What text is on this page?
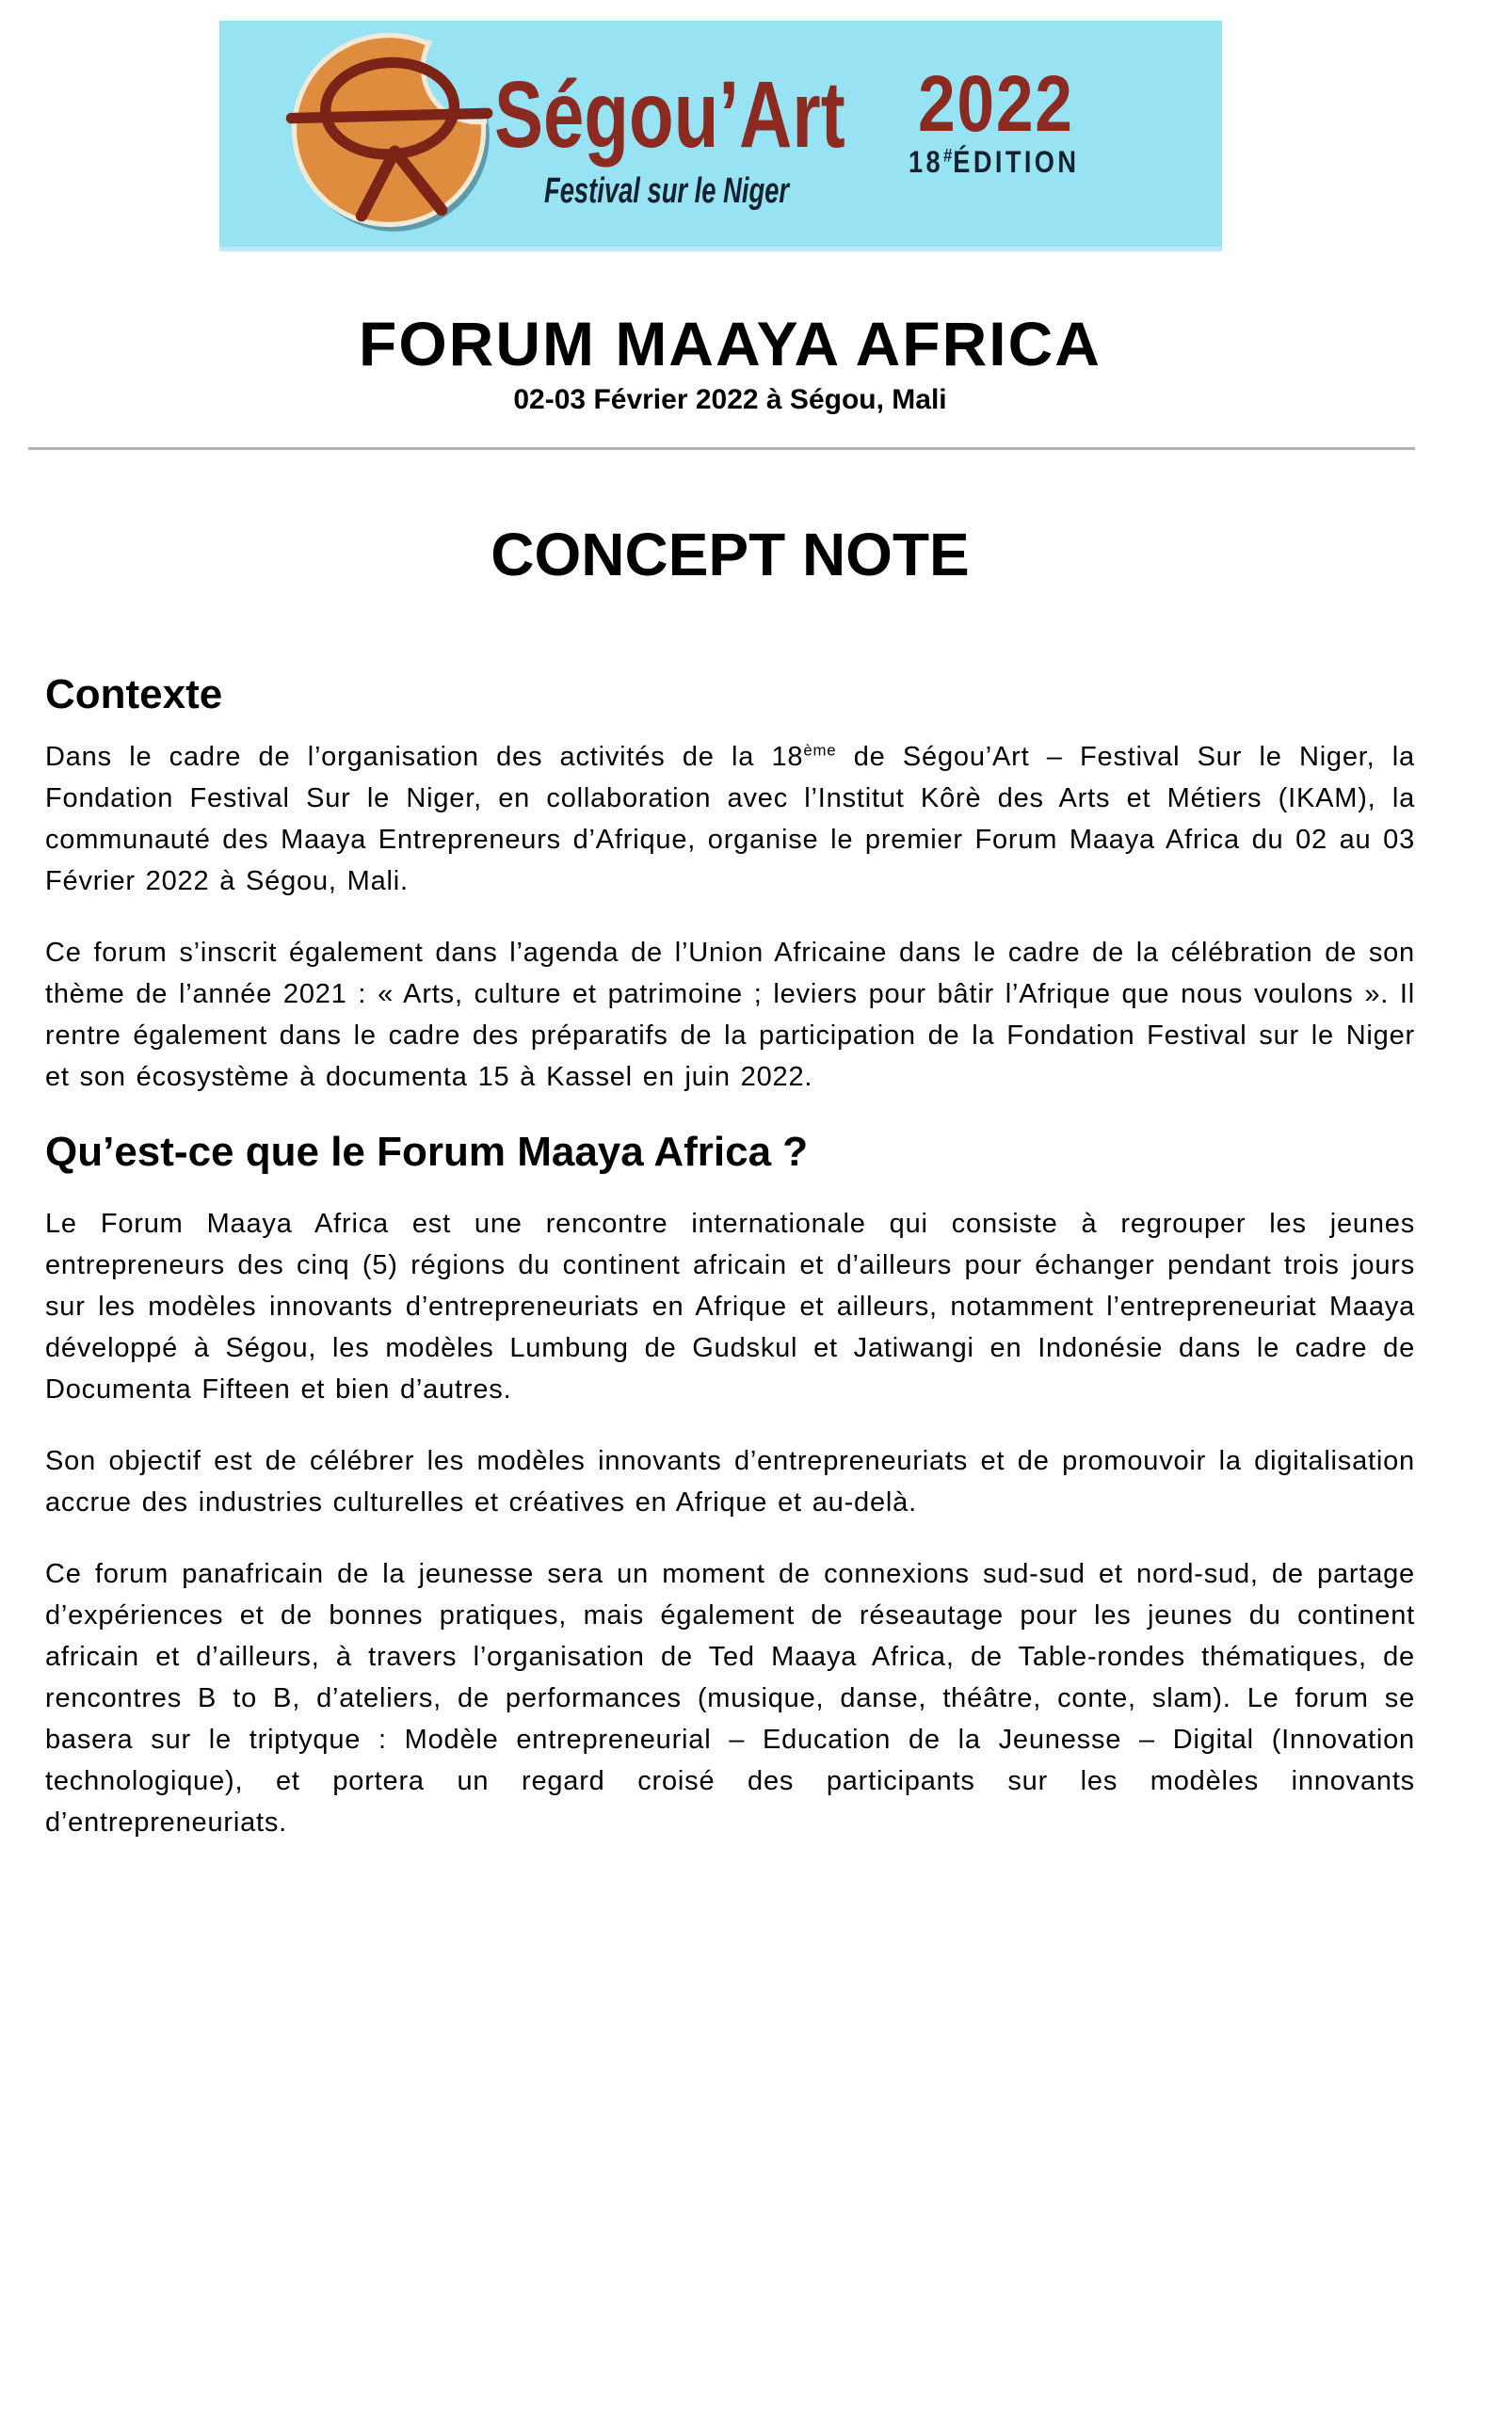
Ségou’Art
Festival sur le Niger
2022
18#ÉDITION
FORUM MAAYA AFRICA
02-03 Février 2022 à Ségou, Mali
CONCEPT NOTE
Contexte

Dans le cadre de l’organisation des activités de la 18ème de Ségou’Art – Festival Sur le Niger, la Fondation Festival Sur le Niger, en collaboration avec l’Institut Kôrè des Arts et Métiers (IKAM), la communauté des Maaya Entrepreneurs d’Afrique, organise le premier Forum Maaya Africa du 02 au 03 Février 2022 à Ségou, Mali.

Ce forum s’inscrit également dans l’agenda de l’Union Africaine dans le cadre de la célébration de son thème de l’année 2021 : « Arts, culture et patrimoine ; leviers pour bâtir l’Afrique que nous voulons ». Il rentre également dans le cadre des préparatifs de la participation de la Fondation Festival sur le Niger et son écosystème à documenta 15 à Kassel en juin 2022.

Qu’est-ce que le Forum Maaya Africa ?

Le Forum Maaya Africa est une rencontre internationale qui consiste à regrouper les jeunes entrepreneurs des cinq (5) régions du continent africain et d’ailleurs pour échanger pendant trois jours sur les modèles innovants d’entrepreneuriats en Afrique et ailleurs, notamment l’entrepreneuriat Maaya développé à Ségou, les modèles Lumbung de Gudskul et Jatiwangi en Indonésie dans le cadre de Documenta Fifteen et bien d’autres.

Son objectif est de célébrer les modèles innovants d’entrepreneuriats et de promouvoir la digitalisation accrue des industries culturelles et créatives en Afrique et au-delà.

Ce forum panafricain de la jeunesse sera un moment de connexions sud-sud et nord-sud, de partage d’expériences et de bonnes pratiques, mais également de réseautage pour les jeunes du continent africain et d’ailleurs, à travers l’organisation de Ted Maaya Africa, de Table-rondes thématiques, de rencontres B to B, d’ateliers, de performances (musique, danse, théâtre, conte, slam). Le forum se basera sur le triptyque : Modèle entrepreneurial – Education de la Jeunesse – Digital (Innovation technologique), et portera un regard croisé des participants sur les modèles innovants d’entrepreneuriats.
